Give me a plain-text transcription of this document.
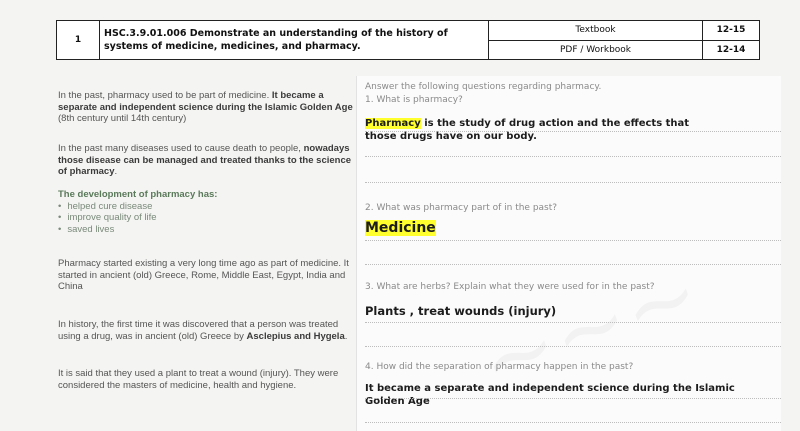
1	HSC.3.9.01.006 Demonstrate an understanding of the history of systems of medicine, medicines, and pharmacy.	Textbook	12-15
		PDF / Workbook	12-14

In the past, pharmacy used to be part of medicine. It became a separate and independent science during the Islamic Golden Age (8th century until 14th century)

In the past many diseases used to cause death to people, nowadays those disease can be managed and treated thanks to the science of pharmacy.

The development of pharmacy has:
• helped cure disease
• improve quality of life
• saved lives

Pharmacy started existing a very long time ago as part of medicine. It started in ancient (old) Greece, Rome, Middle East, Egypt, India and China

In history, the first time it was discovered that a person was treated using a drug, was in ancient (old) Greece by Asclepius and Hygela.

It is said that they used a plant to treat a wound (injury). They were considered the masters of medicine, health and hygiene.

Answer the following questions regarding pharmacy.
1. What is pharmacy?
Pharmacy is the study of drug action and the effects that
those drugs have on our body.
2. What was pharmacy part of in the past?
Medicine
3. What are herbs? Explain what they were used for in the past?
Plants , treat wounds (injury)
4. How did the separation of pharmacy happen in the past?
It became a separate and independent science during the Islamic
Golden Age
